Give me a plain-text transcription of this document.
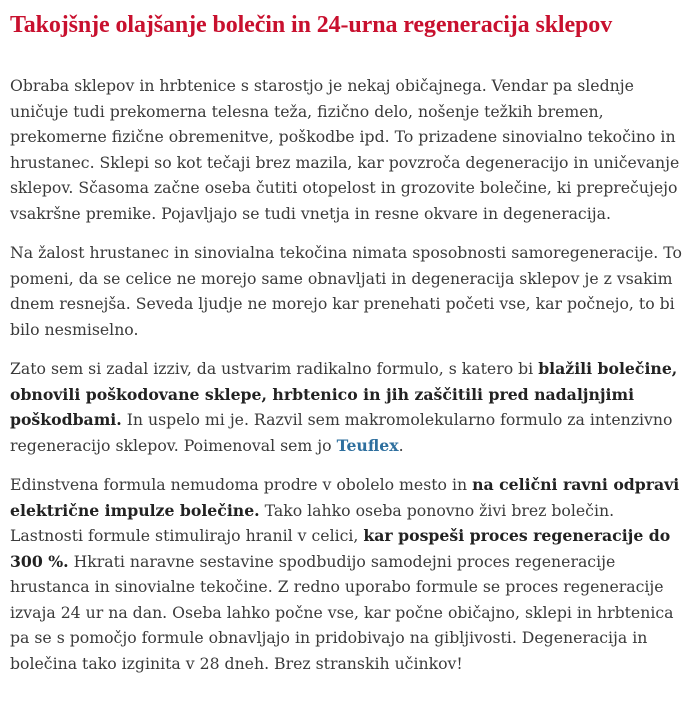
Takojšnje olajšanje bolečin in 24-urna regeneracija sklepov

Obraba sklepov in hrbtenice s starostjo je nekaj običajnega. Vendar pa slednje uničuje tudi prekomerna telesna teža, fizično delo, nošenje težkih bremen, prekomerne fizične obremenitve, poškodbe ipd. To prizadene sinovialno tekočino in hrustanec. Sklepi so kot tečaji brez mazila, kar povzroča degeneracijo in uničevanje sklepov. Sčasoma začne oseba čutiti otopelost in grozovite bolečine, ki preprečujejo vsakršne premike. Pojavljajo se tudi vnetja in resne okvare in degeneracija.

Na žalost hrustanec in sinovialna tekočina nimata sposobnosti samoregeneracije. To pomeni, da se celice ne morejo same obnavljati in degeneracija sklepov je z vsakim dnem resnejša. Seveda ljudje ne morejo kar prenehati početi vse, kar počnejo, to bi bilo nesmiselno.

Zato sem si zadal izziv, da ustvarim radikalno formulo, s katero bi blažili bolečine, obnovili poškodovane sklepe, hrbtenico in jih zaščitili pred nadaljnjimi poškodbami. In uspelo mi je. Razvil sem makromolekularno formulo za intenzivno regeneracijo sklepov. Poimenoval sem jo Teuflex.

Edinstvena formula nemudoma prodre v obolelo mesto in na celični ravni odpravi električne impulze bolečine. Tako lahko oseba ponovno živi brez bolečin. Lastnosti formule stimulirajo hranil v celici, kar pospeši proces regeneracije do 300 %. Hkrati naravne sestavine spodbudijo samodejni proces regeneracije hrustanca in sinovialne tekočine. Z redno uporabo formule se proces regeneracije izvaja 24 ur na dan. Oseba lahko počne vse, kar počne običajno, sklepi in hrbtenica pa se s pomočjo formule obnavljajo in pridobivajo na gibljivosti. Degeneracija in bolečina tako izginita v 28 dneh. Brez stranskih učinkov!
